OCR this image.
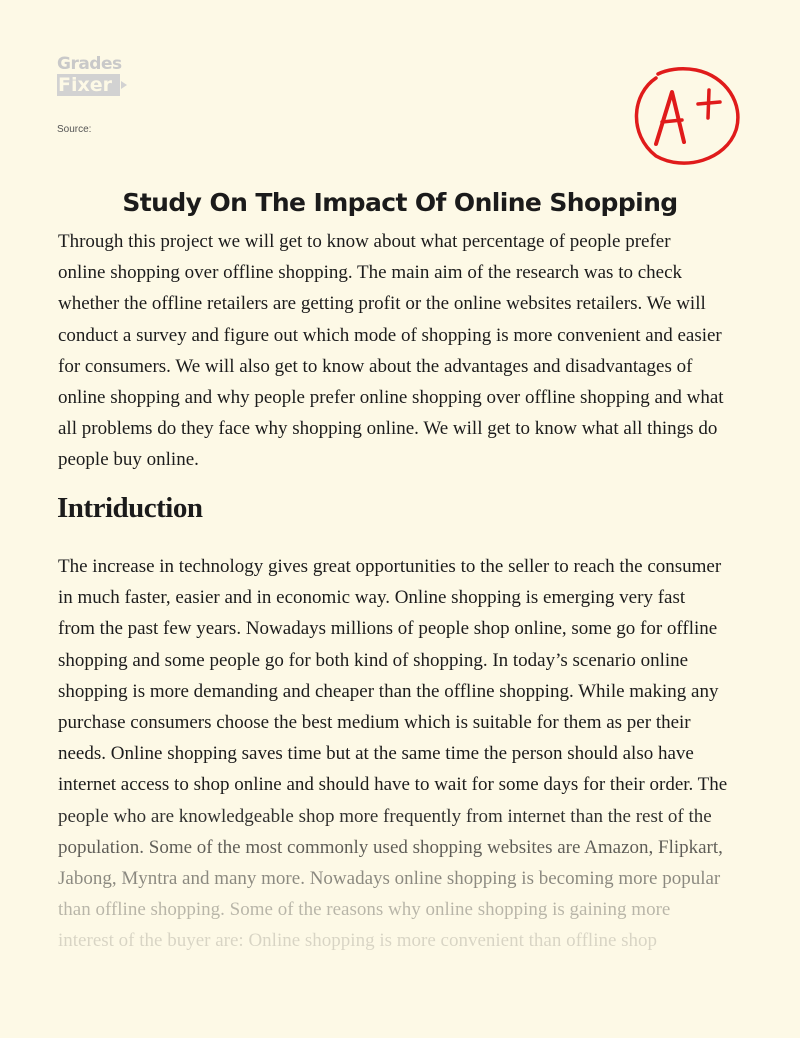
Grades
Fixer
Source:
Study On The Impact Of Online Shopping

Through this project we will get to know about what percentage of people prefer
online shopping over offline shopping. The main aim of the research was to check
whether the offline retailers are getting profit or the online websites retailers. We will
conduct a survey and figure out which mode of shopping is more convenient and easier
for consumers. We will also get to know about the advantages and disadvantages of
online shopping and why people prefer online shopping over offline shopping and what
all problems do they face why shopping online. We will get to know what all things do
people buy online.

Intriduction

The increase in technology gives great opportunities to the seller to reach the consumer
in much faster, easier and in economic way. Online shopping is emerging very fast
from the past few years. Nowadays millions of people shop online, some go for offline
shopping and some people go for both kind of shopping. In today’s scenario online
shopping is more demanding and cheaper than the offline shopping. While making any
purchase consumers choose the best medium which is suitable for them as per their
needs. Online shopping saves time but at the same time the person should also have
internet access to shop online and should have to wait for some days for their order. The
people who are knowledgeable shop more frequently from internet than the rest of the
population. Some of the most commonly used shopping websites are Amazon, Flipkart,
Jabong, Myntra and many more. Nowadays online shopping is becoming more popular
than offline shopping. Some of the reasons why online shopping is gaining more
interest of the buyer are: Online shopping is more convenient than offline shop
